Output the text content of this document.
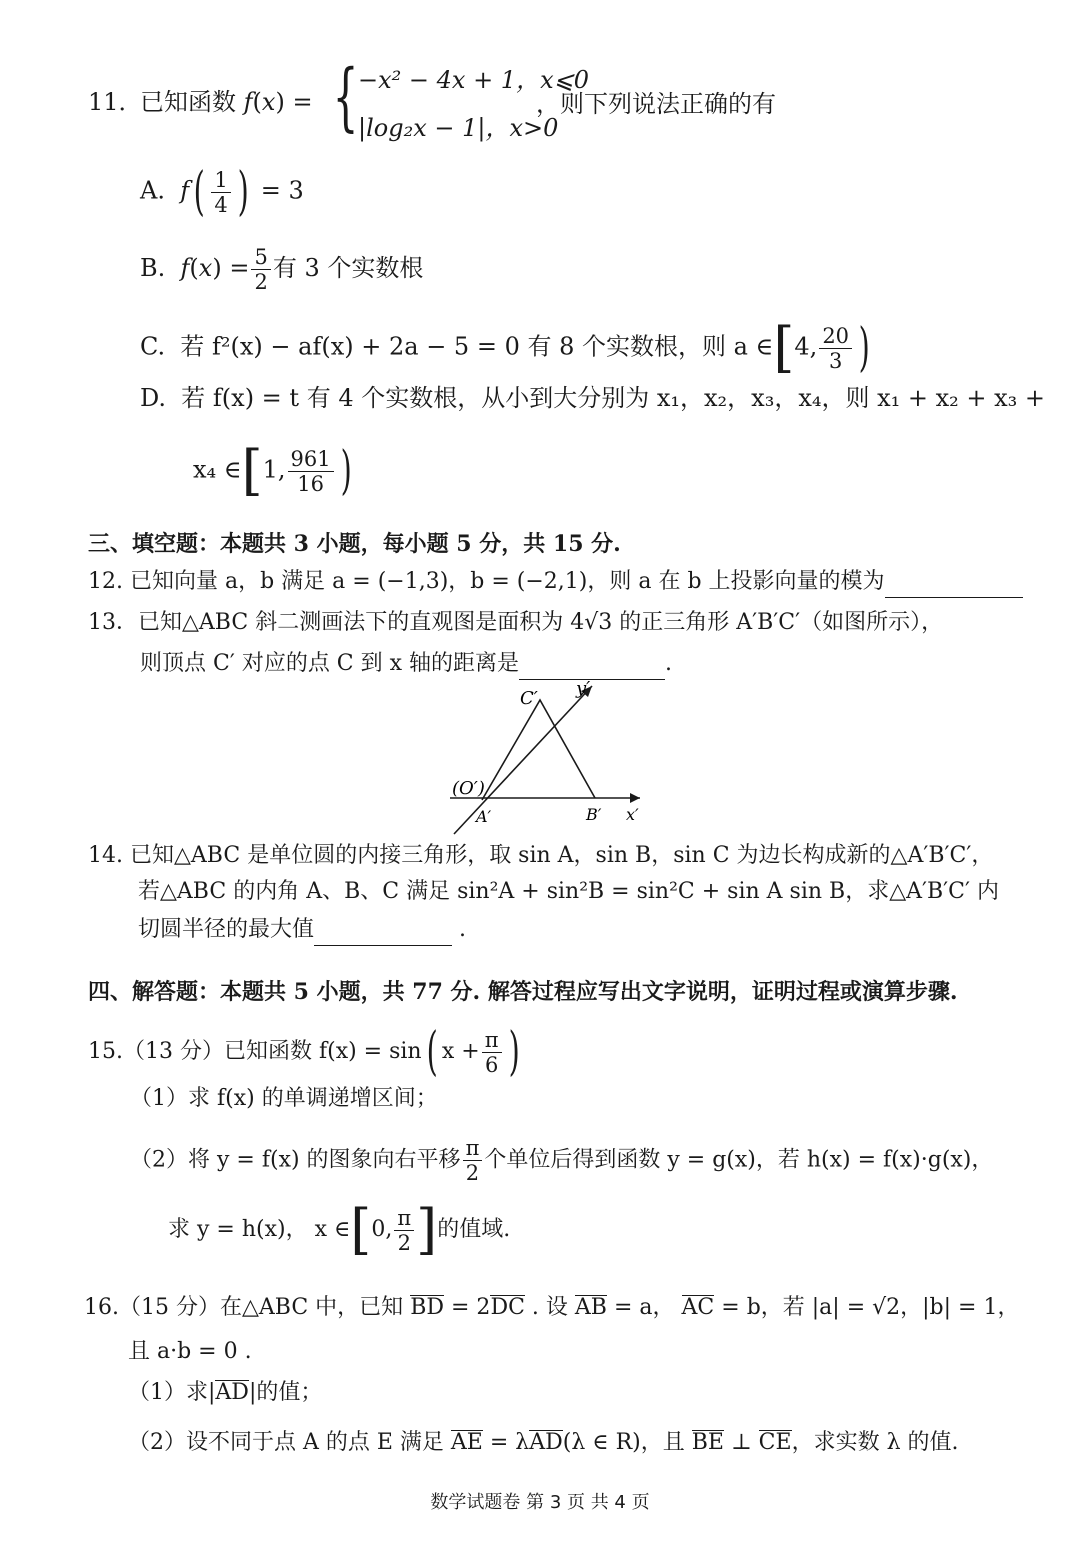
11．
已知函数 f(x) = { −x² − 4x + 1，x⩽0
|log₂x − 1|，x>0
，则下列说法正确的有
A. $f( \frac{1}{4}$ ) = 3
B. $f(x) = \frac{5}{2}$ 有 3 个实数根
C. 若 f²(x) − af(x) + 2a − 5 = 0 有 8 个实数根，则 a ∈[4, $\frac{20}{3}$ )
D. 若 f(x) = t 有 4 个实数根，从小到大分别为 x₁，x₂，x₃，x₄，则 x₁ + x₂ + x₃ +
x₄ ∈[1, $\frac{961}{16}$ )
三、填空题：本题共 3 小题，每小题 5 分，共 15 分.
12. 已知向量 a，b 满足 a = (−1,3)，b = (−2,1)，则 a 在 b 上投影向量的模为
13．已知△ABC 斜二测画法下的直观图是面积为 4√3 的正三角形 A′B′C′（如图所示），
则顶点 C′ 对应的点 C 到 x 轴的距离是	.
C′ y′
(O′)
A′	B′ x′
14. 已知△ABC 是单位圆的内接三角形，取 sin A，sin B，sin C 为边长构成新的△A′B′C′，
若△ABC 的内角 A、B、C 满足 sin²A + sin²B = sin²C + sin A sin B，求△A′B′C′ 内
切圆半径的最大值	.
四、解答题：本题共 5 小题，共 77 分. 解答过程应写出文字说明，证明过程或演算步骤.
15.（13 分）已知函数 f(x) = sin( $x + \frac{\pi}{6}$ )
（1）求 f(x) 的单调递增区间；
（2）将 y = f(x) 的图象向右平移 $\frac{\pi}{2}$ 个单位后得到函数 y = g(x)，若 h(x) = f(x)·g(x)，
求 y = h(x)， x ∈[0, $\frac{\pi}{2}$ ]的值域.
16.（15 分）在△ABC 中，已知 BD = 2DC . 设 AB = a， AC = b，若 |a| = √2，|b| = 1，
且 a·b = 0 .
（1）求|AD|的值；
（2）设不同于点 A 的点 E 满足 AE = λAD(λ ∈ R)，且 BE ⊥ CE，求实数 λ 的值.
数学试题卷 第 3 页 共 4 页
